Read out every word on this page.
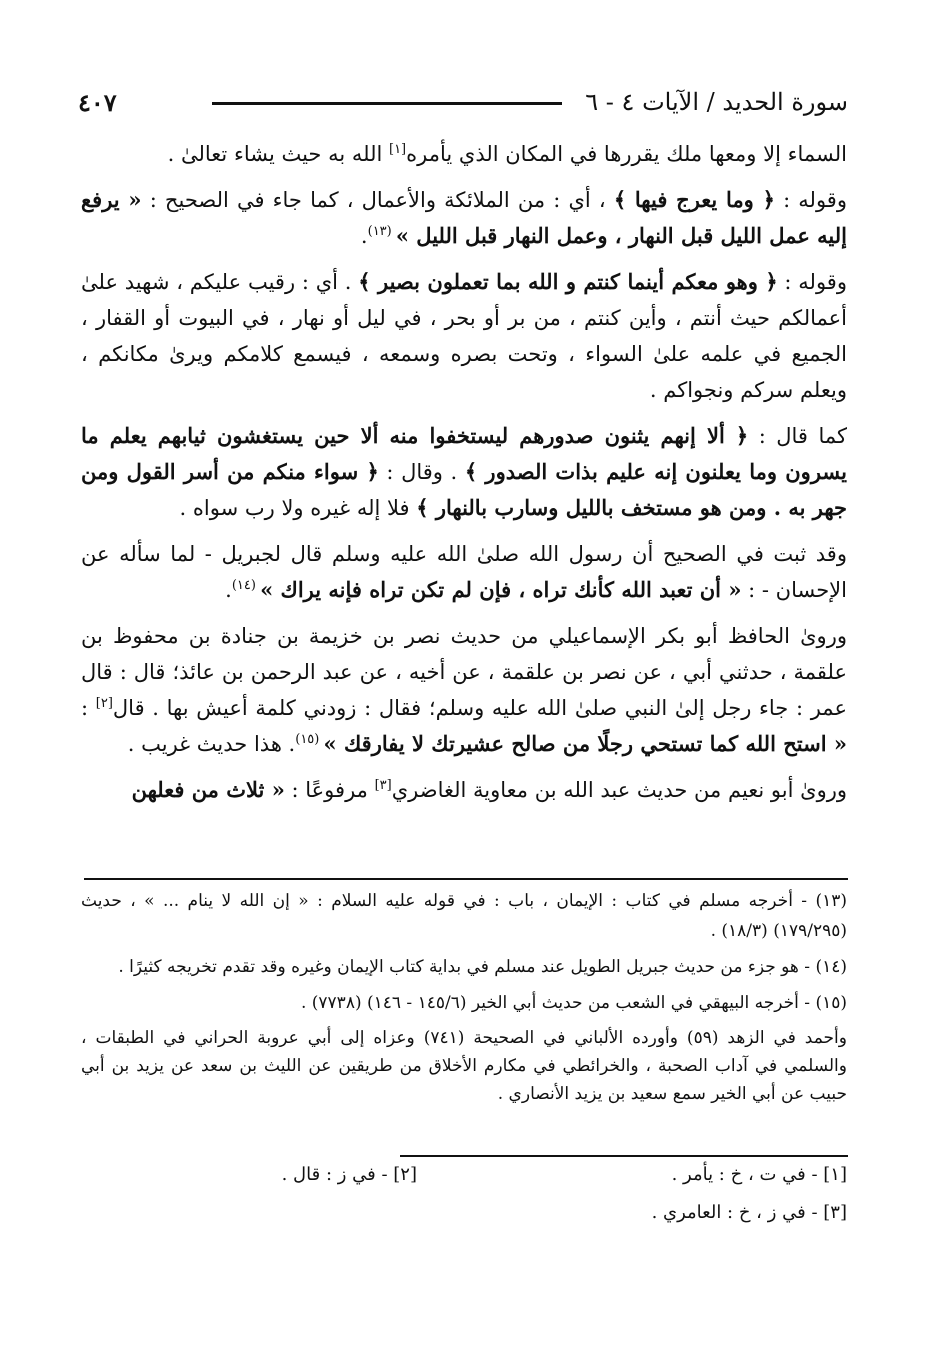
٤٠٧	سورة الحديد / الآيات ٤ - ٦

السماء إلا ومعها ملك يقررها في المكان الذي يأمره[١] الله به حيث يشاء تعالىٰ .

وقوله : ﴿ وما يعرج فيها ﴾ ، أي : من الملائكة والأعمال ، كما جاء في الصحيح : « يرفع إليه عمل الليل قبل النهار ، وعمل النهار قبل الليل » $^{(١٣)}$.

وقوله : ﴿ وهو معكم أينما كنتم و الله بما تعملون بصير ﴾ . أي : رقيب عليكم ، شهيد علىٰ أعمالكم حيث أنتم ، وأين كنتم ، من بر أو بحر ، في ليل أو نهار ، في البيوت أو القفار ، الجميع في علمه علىٰ السواء ، وتحت بصره وسمعه ، فيسمع كلامكم ويرىٰ مكانكم ، ويعلم سركم ونجواكم .

كما قال : ﴿ ألا إنهم يثنون صدورهم ليستخفوا منه ألا حين يستغشون ثيابهم يعلم ما يسرون وما يعلنون إنه عليم بذات الصدور ﴾ . وقال : ﴿ سواء منكم من أسر القول ومن جهر به . ومن هو مستخف بالليل وسارب بالنهار ﴾ فلا إله غيره ولا رب سواه .

وقد ثبت في الصحيح أن رسول الله صلىٰ الله عليه وسلم قال لجبريل - لما سأله عن الإحسان - : « أن تعبد الله كأنك تراه ، فإن لم تكن تراه فإنه يراك » $^{(١٤)}$.

وروىٰ الحافظ أبو بكر الإسماعيلي من حديث نصر بن خزيمة بن جنادة بن محفوظ بن علقمة ، حدثني أبي ، عن نصر بن علقمة ، عن أخيه ، عن عبد الرحمن بن عائذ؛ قال : قال عمر : جاء رجل إلىٰ النبي صلىٰ الله عليه وسلم؛ فقال : زودني كلمة أعيش بها . قال[٢] : « استح الله كما تستحي رجلًا من صالح عشيرتك لا يفارقك » $^{(١٥)}$. هذا حديث غريب .

وروىٰ أبو نعيم من حديث عبد الله بن معاوية الغاضري[٣] مرفوعًا : « ثلاث من فعلهن

(١٣) - أخرجه مسلم في كتاب : الإيمان ، باب : في قوله عليه السلام : « إن الله لا ينام ... » ، حديث (١٧٩/٢٩٥) (١٨/٣) .

(١٤) - هو جزء من حديث جبريل الطويل عند مسلم في بداية كتاب الإيمان وغيره وقد تقدم تخريجه كثيرًا .

(١٥) - أخرجه البيهقي في الشعب من حديث أبي الخير (١٤٥/٦ - ١٤٦) (٧٧٣٨) .

وأحمد في الزهد (٥٩) وأورده الألباني في الصحيحة (٧٤١) وعزاه إلى أبي عروبة الحراني في الطبقات ، والسلمي في آداب الصحبة ، والخرائطي في مكارم الأخلاق من طريقين عن الليث بن سعد عن يزيد بن أبي حبيب عن أبي الخير سمع سعيد بن يزيد الأنصاري .

[١] - في ت ، خ : يأمر .
[٢] - في ز : قال .
[٣] - في ز ، خ : العامري .
